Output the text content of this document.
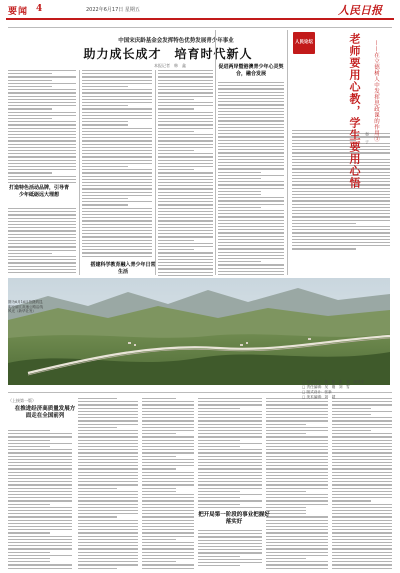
要闻 4	2022年6月17日 星期五	人民日报
中国宋庆龄基金会发挥特色优势发展青少年事业
助力成长成才　培育时代新人
本报记者　韩　鑫
打造特色活动品牌，引导青少年砥砺远大理想
搭建科学教育融入青少年日常生活
促进两岸暨港澳青少年心灵契合，融合发展
人民论坛	老师要用心教，学生要用心悟	——在立德树人中发挥思政课的作用③
秦　子
图为6月16日拍摄的昆明至丽江高速公路沿线风光（新华社发）
□ 版式设计：陈　阳　张　超　谢昊宇
□ 责任编辑：吴　刚　刘　雪
□ 版式设计：张新
□ 美术编辑：刘　超
（上接第一版）
在推进经济高质量发展方面走在全国前列
把开局第一阶段的事业把握好落实好
